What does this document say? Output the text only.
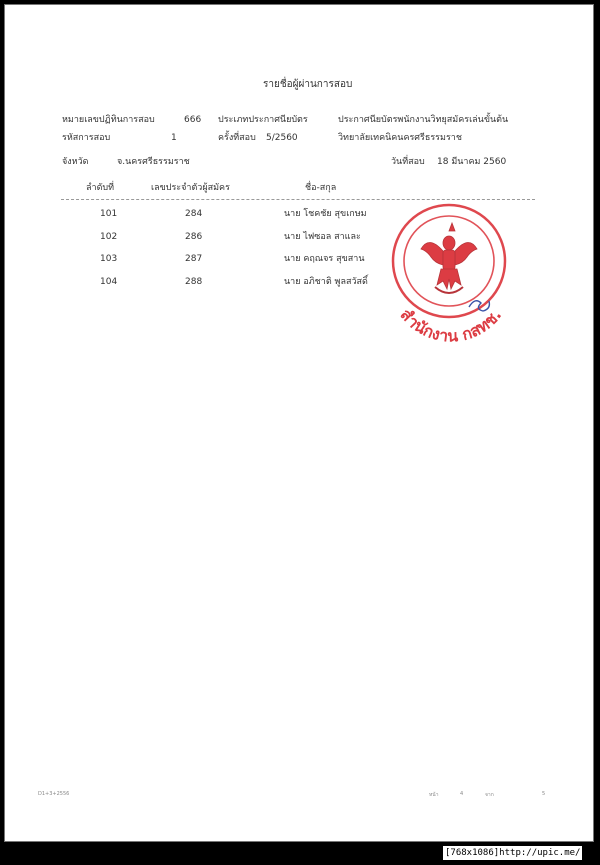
รายชื่อผู้ผ่านการสอบ
หมายเลขปฏิทินการสอบ	666 ประเภทประกาศนียบัตร	ประกาศนียบัตรพนักงานวิทยุสมัครเล่นขั้นต้น
รหัสการสอบ	1	ครั้งที่สอบ 5/2560	วิทยาลัยเทคนิคนครศรีธรรมราช
จังหวัด	จ.นครศรีธรรมราช	วันที่สอบ 18 มีนาคม 2560
ลำดับที่	เลขประจำตัวผู้สมัคร	ชื่อ-สกุล
101	284	นาย โชคชัย สุขเกษม
102	286	นาย ไฟซอล สาและ
103	287	นาย คฤณจร สุขสาน
104	288	นาย อภิชาติ พูลสวัสดิ์
สำนักงาน กสทช.
D1+3+2556	หน้า	4	จาก	5
[768x1086]http://upic.me/
